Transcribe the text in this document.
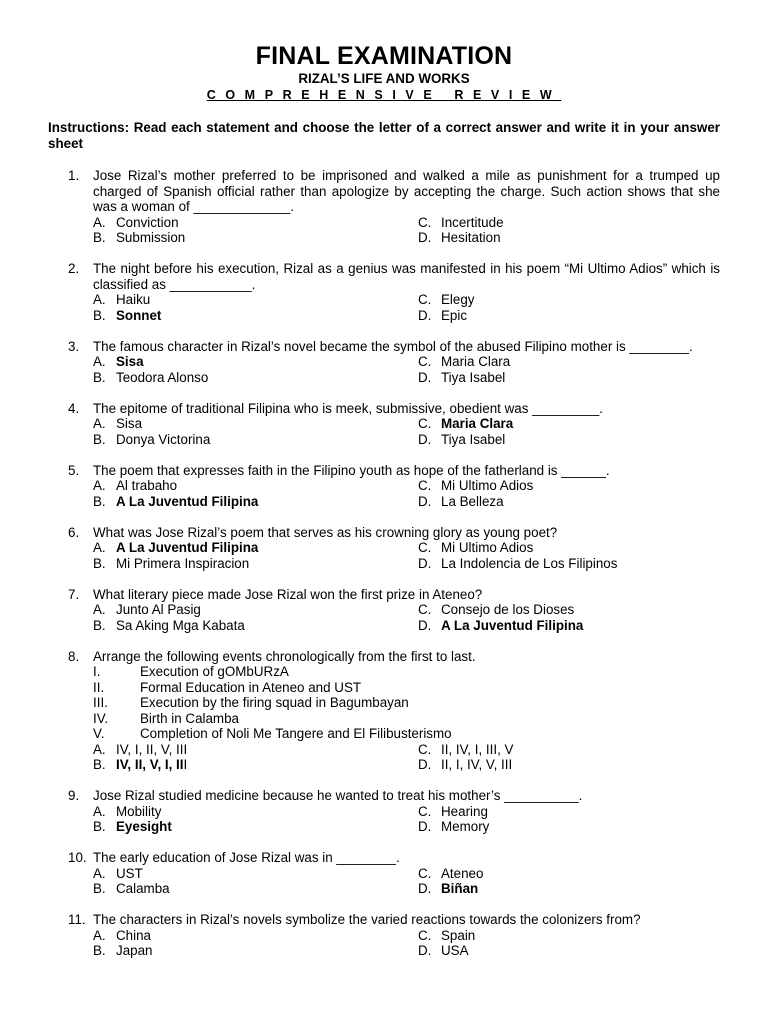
FINAL EXAMINATION
RIZAL’S LIFE AND WORKS
COMPREHENSIVE REVIEW
Instructions: Read each statement and choose the letter of a correct answer and write it in your answer sheet
1. Jose Rizal’s mother preferred to be imprisoned and walked a mile as punishment for a trumped up charged of Spanish official rather than apologize by accepting the charge. Such action shows that she was a woman of _____________.
A. Conviction	C. Incertitude
B. Submission	D. Hesitation
2. The night before his execution, Rizal as a genius was manifested in his poem “Mi Ultimo Adios” which is classified as ___________.
A. Haiku	C. Elegy
B. Sonnet	D. Epic
3. The famous character in Rizal’s novel became the symbol of the abused Filipino mother is ________.
A. Sisa	C. Maria Clara
B. Teodora Alonso	D. Tiya Isabel
4. The epitome of traditional Filipina who is meek, submissive, obedient was _________.
A. Sisa	C. Maria Clara
B. Donya Victorina	D. Tiya Isabel
5. The poem that expresses faith in the Filipino youth as hope of the fatherland is ______.
A. Al trabaho	C. Mi Ultimo Adios
B. A La Juventud Filipina	D. La Belleza
6. What was Jose Rizal’s poem that serves as his crowning glory as young poet?
A. A La Juventud Filipina	C. Mi Ultimo Adios
B. Mi Primera Inspiracion	D. La Indolencia de Los Filipinos
7. What literary piece made Jose Rizal won the first prize in Ateneo?
A. Junto Al Pasig	C. Consejo de los Dioses
B. Sa Aking Mga Kabata	D. A La Juventud Filipina
8. Arrange the following events chronologically from the first to last.
I.	Execution of gOMbURzA
II.	Formal Education in Ateneo and UST
III. Execution by the firing squad in Bagumbayan
IV. Birth in Calamba
V.	Completion of Noli Me Tangere and El Filibusterismo
A. IV, I, II, V, III	C. II, IV, I, III, V
B. IV, II, V, I, III	D. II, I, IV, V, III
9. Jose Rizal studied medicine because he wanted to treat his mother’s __________.
A. Mobility	C. Hearing
B. Eyesight	D. Memory
10. The early education of Jose Rizal was in ________.
A. UST	C. Ateneo
B. Calamba	D. Biñan
11. The characters in Rizal’s novels symbolize the varied reactions towards the colonizers from?
A. China	C. Spain
B. Japan	D. USA
